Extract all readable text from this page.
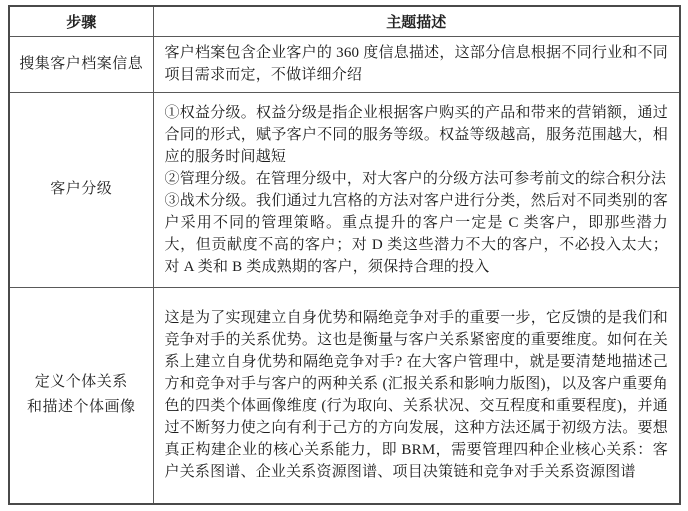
步骤	主题描述
搜集客户档案信息	客户档案包含企业客户的 360 度信息描述，这部分信息根据不同行业和不同项目需求而定，不做详细介绍

客户分级	①权益分级。权益分级是指企业根据客户购买的产品和带来的营销额，通过合同的形式，赋予客户不同的服务等级。权益等级越高，服务范围越大，相应的服务时间越短
②管理分级。在管理分级中，对大客户的分级方法可参考前文的综合积分法
③战术分级。我们通过九宫格的方法对客户进行分类，然后对不同类别的客户采用不同的管理策略。重点提升的客户一定是 C 类客户，即那些潜力大，但贡献度不高的客户；对 D 类这些潜力不大的客户，不必投入太大；对 A 类和 B 类成熟期的客户，须保持合理的投入

定义个体关系
和描述个体画像	这是为了实现建立自身优势和隔绝竞争对手的重要一步，它反馈的是我们和竞争对手的关系优势。这也是衡量与客户关系紧密度的重要维度。如何在关系上建立自身优势和隔绝竞争对手? 在大客户管理中，就是要清楚地描述己方和竞争对手与客户的两种关系 (汇报关系和影响力版图)，以及客户重要角色的四类个体画像维度 (行为取向、关系状况、交互程度和重要程度)，并通过不断努力使之向有利于己方的方向发展，这种方法还属于初级方法。要想真正构建企业的核心关系能力，即 BRM，需要管理四种企业核心关系：客户关系图谱、企业关系资源图谱、项目决策链和竞争对手关系资源图谱
